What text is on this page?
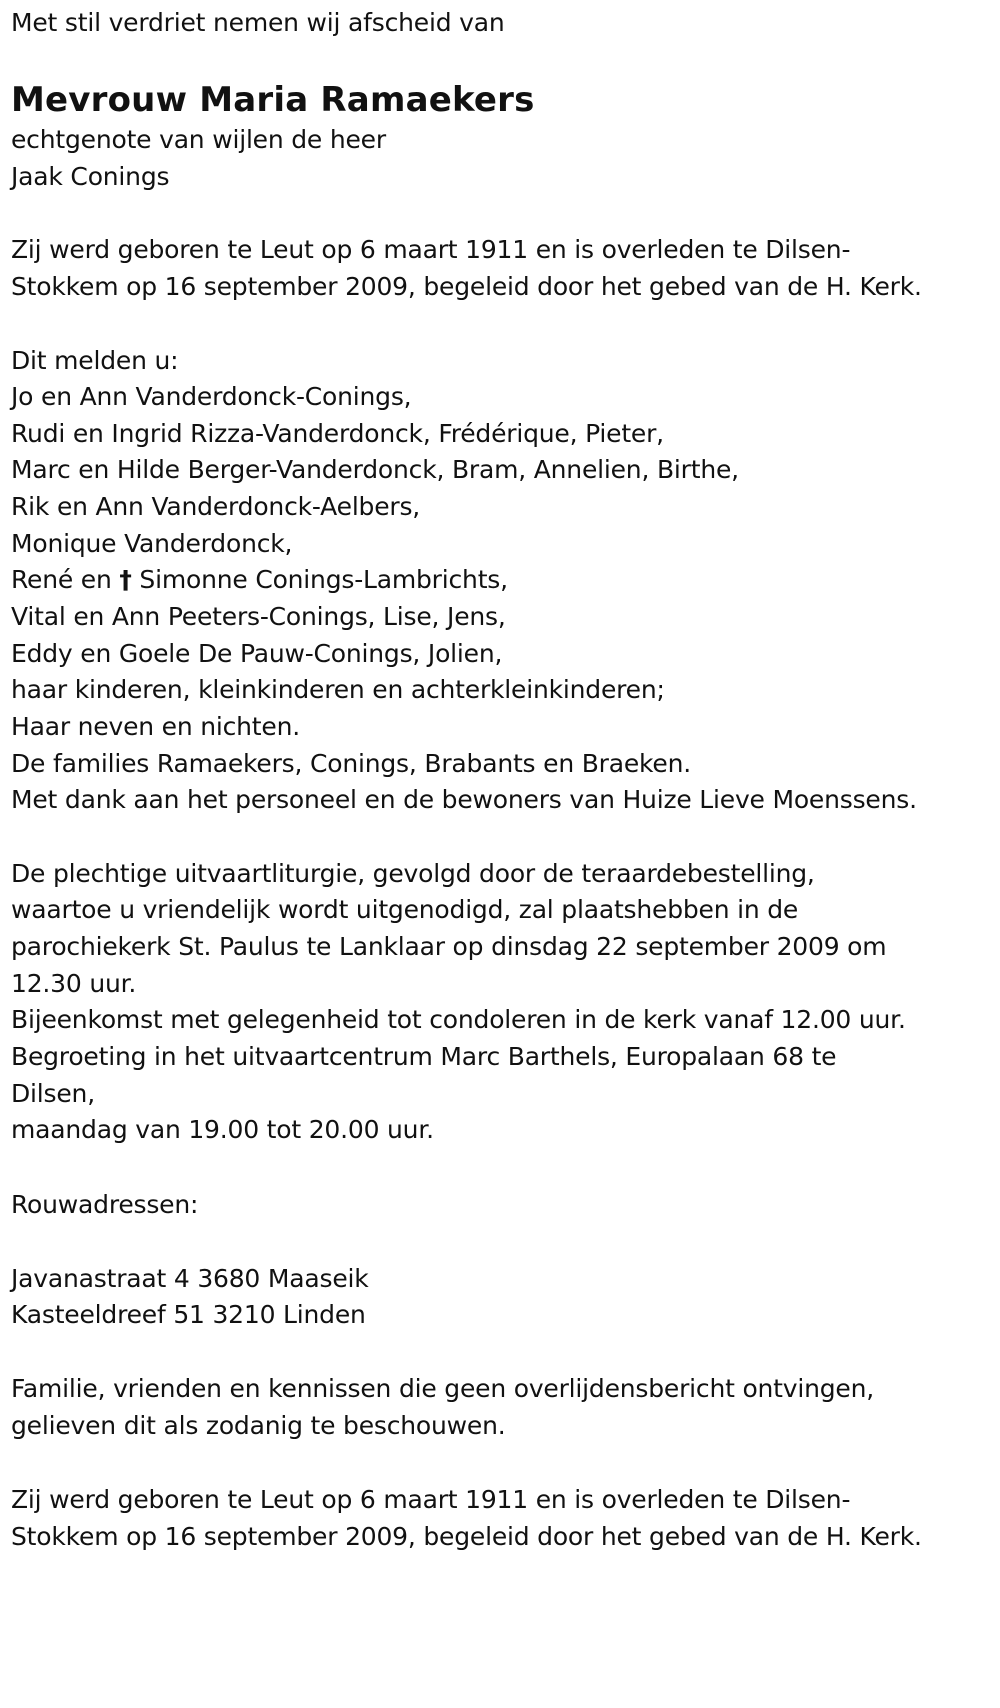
Met stil verdriet nemen wij afscheid van
Mevrouw Maria Ramaekers
echtgenote van wijlen de heer
Jaak Conings
Zij werd geboren te Leut op 6 maart 1911 en is overleden te Dilsen-
Stokkem op 16 september 2009, begeleid door het gebed van de H. Kerk.
Dit melden u:
Jo en Ann Vanderdonck-Conings,
Rudi en Ingrid Rizza-Vanderdonck, Frédérique, Pieter,
Marc en Hilde Berger-Vanderdonck, Bram, Annelien, Birthe,
Rik en Ann Vanderdonck-Aelbers,
Monique Vanderdonck,
René en † Simonne Conings-Lambrichts,
Vital en Ann Peeters-Conings, Lise, Jens,
Eddy en Goele De Pauw-Conings, Jolien,
haar kinderen, kleinkinderen en achterkleinkinderen;
Haar neven en nichten.
De families Ramaekers, Conings, Brabants en Braeken.
Met dank aan het personeel en de bewoners van Huize Lieve Moenssens.
De plechtige uitvaartliturgie, gevolgd door de teraardebestelling,
waartoe u vriendelijk wordt uitgenodigd, zal plaatshebben in de
parochiekerk St. Paulus te Lanklaar op dinsdag 22 september 2009 om
12.30 uur.
Bijeenkomst met gelegenheid tot condoleren in de kerk vanaf 12.00 uur.
Begroeting in het uitvaartcentrum Marc Barthels, Europalaan 68 te
Dilsen,
maandag van 19.00 tot 20.00 uur.
Rouwadressen:
Javanastraat 4 3680 Maaseik
Kasteeldreef 51 3210 Linden
Familie, vrienden en kennissen die geen overlijdensbericht ontvingen,
gelieven dit als zodanig te beschouwen.
Zij werd geboren te Leut op 6 maart 1911 en is overleden te Dilsen-
Stokkem op 16 september 2009, begeleid door het gebed van de H. Kerk.
